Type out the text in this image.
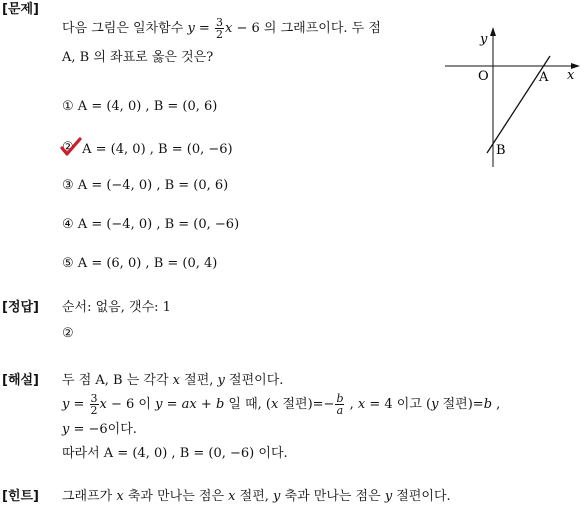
[문제]
다음 그림은 일차함수 $y = \frac{3}{2}$ x − 6 의 그래프이다. 두 점
A, B 의 좌표로 옳은 것은?
① A = (4, 0) , B = (0, 6)
② A = (4, 0) , B = (0, −6)
③ A = (−4, 0) , B = (0, 6)
④ A = (−4, 0) , B = (0, −6)
⑤ A = (6, 0) , B = (0, 4)
y
x
O	A
B
[정답] 순서: 없음, 갯수: 1
②
[해설] 두 점 A, B 는 각각 x 절편, y 절편이다.
$y = \frac{3}{2}$ x − 6 이 y = ax + b 일 때, (x 절편)=− $\frac{b}{a}$ , x = 4 이고 (y 절편)=b ,
y = −6이다.
따라서 A = (4, 0) , B = (0, −6) 이다.
[힌트] 그래프가 x 축과 만나는 점은 x 절편, y 축과 만나는 점은 y 절편이다.
